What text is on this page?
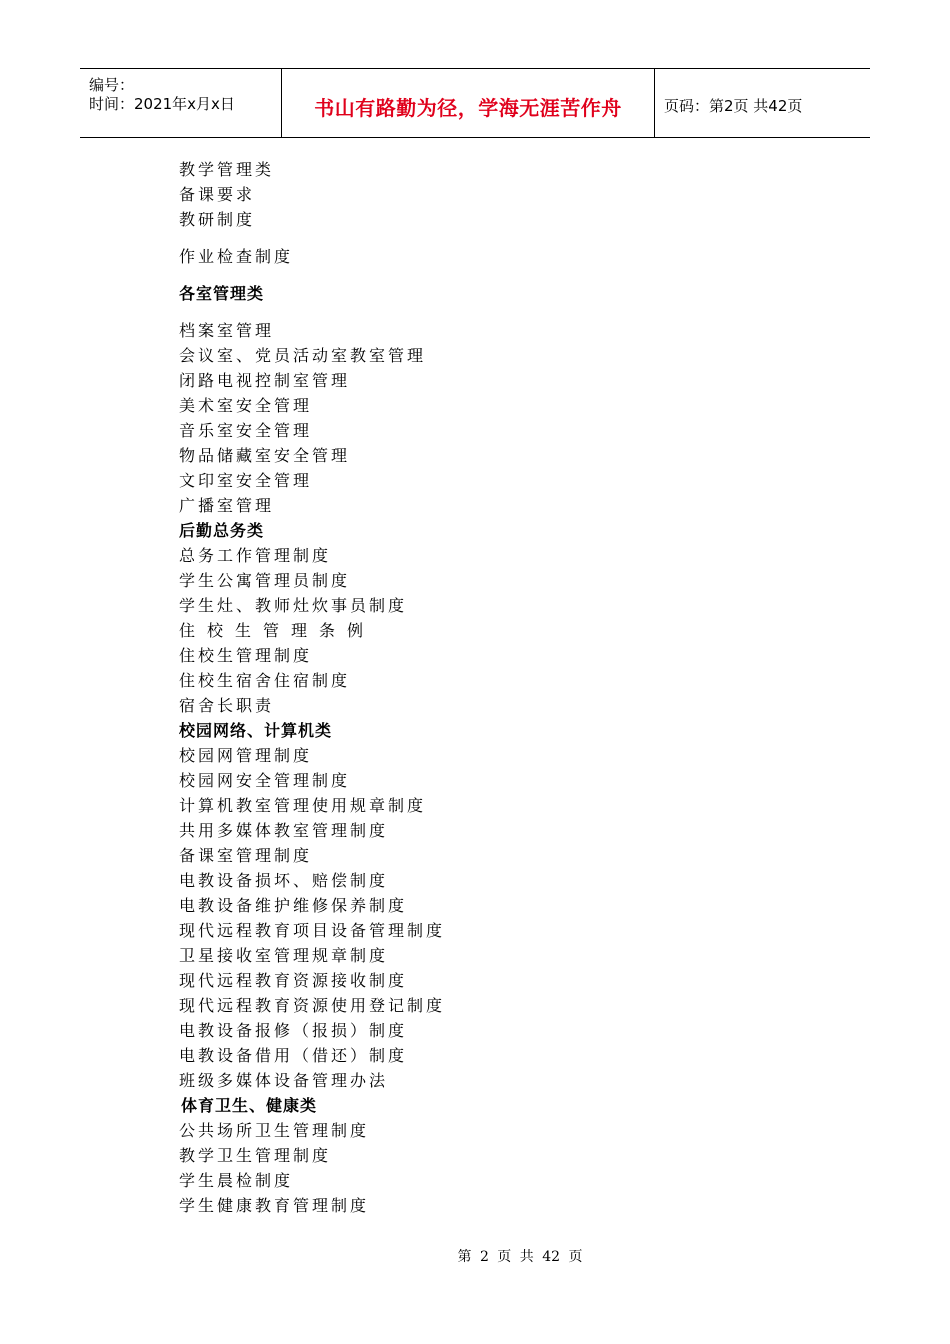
编号：
时间：2021年x月x日	书山有路勤为径，学海无涯苦作舟	页码：第2页 共42页
教学管理类
备课要求
教研制度
作业检查制度
各室管理类
档案室管理
会议室、党员活动室教室管理
闭路电视控制室管理
美术室安全管理
音乐室安全管理
物品储藏室安全管理
文印室安全管理
广播室管理
后勤总务类
总务工作管理制度
学生公寓管理员制度
学生灶、教师灶炊事员制度
住校生管理条例
住校生管理制度
住校生宿舍住宿制度
宿舍长职责
校园网络、计算机类
校园网管理制度
校园网安全管理制度
计算机教室管理使用规章制度
共用多媒体教室管理制度
备课室管理制度
电教设备损坏、赔偿制度
电教设备维护维修保养制度
现代远程教育项目设备管理制度
卫星接收室管理规章制度
现代远程教育资源接收制度
现代远程教育资源使用登记制度
电教设备报修（报损）制度
电教设备借用（借还）制度
班级多媒体设备管理办法
体育卫生、健康类
公共场所卫生管理制度
教学卫生管理制度
学生晨检制度
学生健康教育管理制度
第 2 页 共 42 页
